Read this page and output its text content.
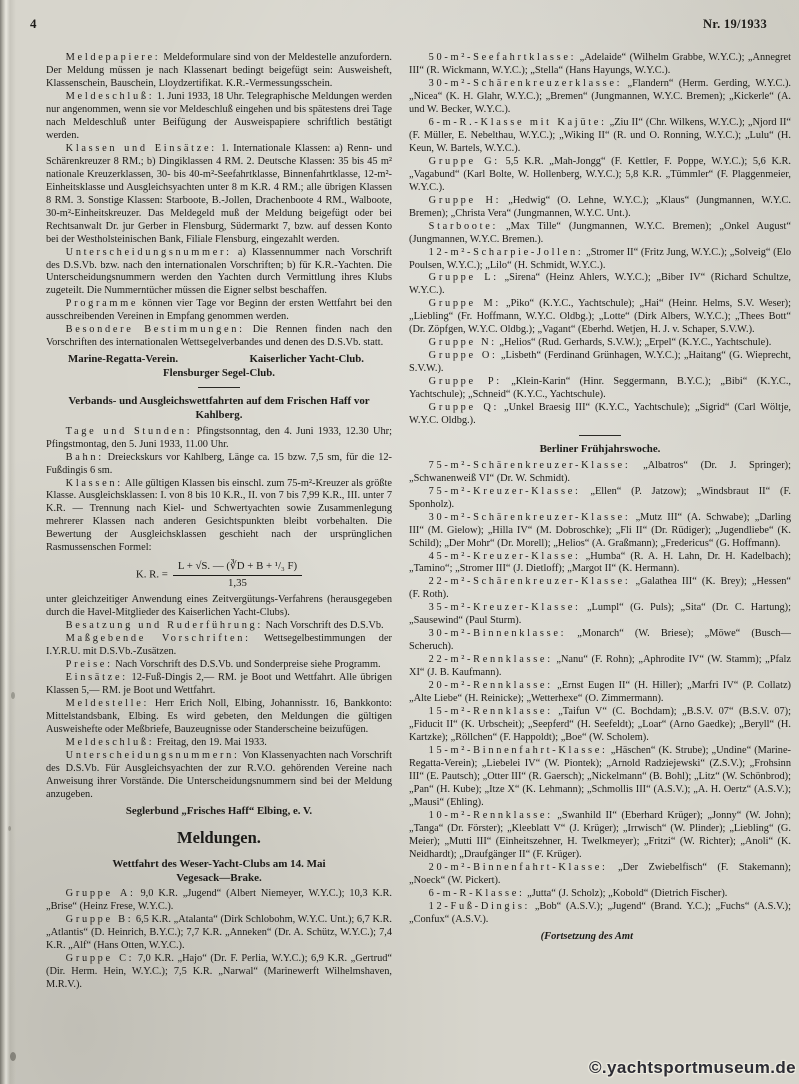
4	Nr. 19/1933

Meldepapiere: Meldeformulare sind von der Meldestelle anzufordern. Der Meldung müssen je nach Klassenart bedingt beigefügt sein: Ausweisheft, Klassenschein, Bauschein, Lloydzertifikat. K.R.-Vermessungsschein.

Meldeschluß: 1. Juni 1933, 18 Uhr. Telegraphische Meldungen werden nur angenommen, wenn sie vor Meldeschluß eingehen und bis spätestens drei Tage nach Meldeschluß unter Beifügung der Ausweispapiere schriftlich bestätigt werden.

Klassen und Einsätze: 1. Internationale Klassen: a) Renn- und Schärenkreuzer 8 RM.; b) Dingiklassen 4 RM. 2. Deutsche Klassen: 35 bis 45 m² nationale Kreuzerklassen, 30- bis 40-m²-Seefahrtklasse, Binnenfahrtklasse, 12-m²-Einheitsklasse und Ausgleichsyachten unter 8 m K.R. 4 RM.; alle übrigen Klassen 8 RM. 3. Sonstige Klassen: Starboote, B.-Jollen, Drachenboote 4 RM., Walboote, 30-m²-Einheitskreuzer. Das Meldegeld muß der Meldung beigefügt oder bei Rechtsanwalt Dr. jur Gerber in Flensburg, Südermarkt 7, bzw. auf dessen Konto bei der Westholsteinischen Bank, Filiale Flensburg, eingezahlt werden.

Unterscheidungsnummer: a) Klassennummer nach Vorschrift des D.S.Vb. bzw. nach den internationalen Vorschriften; b) für K.R.-Yachten. Die Unterscheidungsnummern werden den Yachten durch Vermittlung ihres Klubs zugeteilt. Die Nummerntücher müssen die Eigner selbst beschaffen.

Programme können vier Tage vor Beginn der ersten Wettfahrt bei den ausschreibenden Vereinen in Empfang genommen werden.

Besondere Bestimmungen: Die Rennen finden nach den Vorschriften des internationalen Wettsegelverbandes und denen des D.S.Vb. statt.

Marine-Regatta-Verein.	Kaiserlicher Yacht-Club.
Flensburger Segel-Club.
Verbands- und Ausgleichswettfahrten auf dem Frischen Haff vor Kahlberg.

Tage und Stunden: Pfingstsonntag, den 4. Juni 1933, 12.30 Uhr; Pfingstmontag, den 5. Juni 1933, 11.00 Uhr.

Bahn: Dreieckskurs vor Kahlberg, Länge ca. 15 bzw. 7,5 sm, für die 12-Fußdingis 6 sm.

Klassen: Alle gültigen Klassen bis einschl. zum 75-m²-Kreuzer als größte Klasse. Ausgleichsklassen: I. von 8 bis 10 K.R., II. von 7 bis 7,99 K.R., III. unter 7 K.R. — Trennung nach Kiel- und Schwertyachten sowie Zusammenlegung mehrerer Klassen nach anderen Gesichtspunkten bleibt vorbehalten. Die Bewertung der Ausgleichsklassen geschieht nach der ursprünglichen Rasmussenschen Formel:

K. R. = $\frac{\text{L + √S. — (∛D + B + ¹/₃ F)}}{1,35}$

unter gleichzeitiger Anwendung eines Zeitvergütungs-Verfahrens (herausgegeben durch die Havel-Mitglieder des Kaiserlichen Yacht-Clubs).

Besatzung und Ruderführung: Nach Vorschrift des D.S.Vb.

Maßgebende Vorschriften: Wettsegelbestimmungen der I.Y.R.U. mit D.S.Vb.-Zusätzen.

Preise: Nach Vorschrift des D.S.Vb. und Sonderpreise siehe Programm.

Einsätze: 12-Fuß-Dingis 2,— RM. je Boot und Wettfahrt. Alle übrigen Klassen 5,— RM. je Boot und Wettfahrt.

Meldestelle: Herr Erich Noll, Elbing, Johannisstr. 16, Bankkonto: Mittelstandsbank, Elbing. Es wird gebeten, den Meldungen die gültigen Ausweishefte oder Meßbriefe, Bauzeugnisse oder Standerscheine beizufügen.

Meldeschluß: Freitag, den 19. Mai 1933.

Unterscheidungsnummern: Von Klassenyachten nach Vorschrift des D.S.Vb. Für Ausgleichsyachten der zur R.V.O. gehörenden Vereine nach Anweisung ihrer Vorstände. Die Unterscheidungsnummern sind bei der Meldung anzugeben.

Seglerbund „Frisches Haff“ Elbing, e. V.
Meldungen.
Wettfahrt des Weser-Yacht-Clubs am 14. Mai
Vegesack—Brake.

Gruppe A: 9,0 K.R. „Jugend“ (Albert Niemeyer, W.Y.C.); 10,3 K.R. „Brise“ (Heinz Frese, W.Y.C.).

Gruppe B: 6,5 K.R. „Atalanta“ (Dirk Schlobohm, W.Y.C. Unt.); 6,7 K.R. „Atlantis“ (D. Heinrich, B.Y.C.); 7,7 K.R. „Anneken“ (Dr. A. Schütz, W.Y.C.); 7,4 K.R. „Alf“ (Hans Otten, W.Y.C.).

Gruppe C: 7,0 K.R. „Hajo“ (Dr. F. Perlia, W.Y.C.); 6,9 K.R. „Gertrud“ (Dir. Herm. Hein, W.Y.C.); 7,5 K.R. „Narwal“ (Marinewerft Wilhelmshaven, M.R.V.).

50-m²-Seefahrtklasse: „Adelaide“ (Wilhelm Grabbe, W.Y.C.); „Annegret III“ (R. Wickmann, W.Y.C.); „Stella“ (Hans Hayungs, W.Y.C.).

30-m²-Schärenkreuzerklasse: „Flandern“ (Herm. Gerding, W.Y.C.). „Nicea“ (K. H. Glahr, W.Y.C.); „Bremen“ (Jungmannen, W.Y.C. Bremen); „Kickerle“ (A. und W. Becker, W.Y.C.).

6-m-R.-Klasse mit Kajüte: „Ziu II“ (Chr. Wilkens, W.Y.C.); „Njord II“ (F. Müller, E. Nebelthau, W.Y.C.); „Wiking II“ (R. und O. Ronning, W.Y.C.); „Lulu“ (H. Keun, W. Bartels, W.Y.C.).

Gruppe G: 5,5 K.R. „Mah-Jongg“ (F. Kettler, F. Poppe, W.Y.C.); 5,6 K.R. „Vagabund“ (Karl Bolte, W. Hollenberg, W.Y.C.); 5,8 K.R. „Tümmler“ (F. Plaggenmeier, W.Y.C.).

Gruppe H: „Hedwig“ (O. Lehne, W.Y.C.); „Klaus“ (Jungmannen, W.Y.C. Bremen); „Christa Vera“ (Jungmannen, W.Y.C. Unt.).

Starboote: „Max Tille“ (Jungmannen, W.Y.C. Bremen); „Onkel August“ (Jungmannen, W.Y.C. Bremen.).

12-m²-Scharpie-Jollen: „Stromer II“ (Fritz Jung, W.Y.C.); „Solveig“ (Elo Poulsen, W.Y.C.); „Lilo“ (H. Schmidt, W.Y.C.).

Gruppe L: „Sirena“ (Heinz Ahlers, W.Y.C.); „Biber IV“ (Richard Schultze, W.Y.C.).

Gruppe M: „Piko“ (K.Y.C., Yachtschule); „Hai“ (Heinr. Helms, S.V. Weser); „Liebling“ (Fr. Hoffmann, W.Y.C. Oldbg.); „Lotte“ (Dirk Albers, W.Y.C.); „Thees Bott“ (Dr. Zöpfgen, W.Y.C. Oldbg.); „Vagant“ (Eberhd. Wetjen, H. J. v. Schaper, S.V.W.).

Gruppe N: „Helios“ (Rud. Gerhards, S.V.W.); „Erpel“ (K.Y.C., Yachtschule).

Gruppe O: „Lisbeth“ (Ferdinand Grünhagen, W.Y.C.); „Haitang“ (G. Wieprecht, S.V.W.).

Gruppe P: „Klein-Karin“ (Hinr. Seggermann, B.Y.C.); „Bibi“ (K.Y.C., Yachtschule); „Schneid“ (K.Y.C., Yachtschule).

Gruppe Q: „Unkel Braesig III“ (K.Y.C., Yachtschule); „Sigrid“ (Carl Wöltje, W.Y.C. Oldbg.).

Berliner Frühjahrswoche.

75-m²-Schärenkreuzer-Klasse: „Albatros“ (Dr. J. Springer); „Schwanenweiß VI“ (Dr. W. Schmidt).

75-m²-Kreuzer-Klasse: „Ellen“ (P. Jatzow); „Windsbraut II“ (F. Sponholz).

30-m²-Schärenkreuzer-Klasse: „Mutz III“ (A. Schwabe); „Darling III“ (M. Gielow); „Hilla IV“ (M. Dobroschke); „Fli II“ (Dr. Rüdiger); „Jugendliebe“ (K. Schild); „Der Mohr“ (Dr. Morell); „Helios“ (A. Graßmann); „Fredericus“ (G. Hoffmann).

45-m²-Kreuzer-Klasse: „Humba“ (R. A. H. Lahn, Dr. H. Kadelbach); „Tamino“; „Stromer III“ (J. Dietloff); „Margot II“ (K. Hermann).

22-m²-Schärenkreuzer-Klasse: „Galathea III“ (K. Brey); „Hessen“ (F. Roth).

35-m²-Kreuzer-Klasse: „Lumpl“ (G. Puls); „Sita“ (Dr. C. Hartung); „Sausewind“ (Paul Sturm).

30-m²-Binnenklasse: „Monarch“ (W. Briese); „Möwe“ (Busch—Scheruch).

22-m²-Rennklasse: „Nanu“ (F. Rohn); „Aphrodite IV“ (W. Stamm); „Pfalz XI“ (J. B. Kaufmann).

20-m²-Rennklasse: „Ernst Eugen II“ (H. Hiller); „Marfri IV“ (P. Collatz) „Alte Liebe“ (H. Reinicke); „Wetterhexe“ (O. Zimmermann).

15-m²-Rennklasse: „Taifun V“ (C. Bochdam); „B.S.V. 07“ (B.S.V. 07); „Fiducit II“ (K. Urbscheit); „Seepferd“ (H. Seefeldt); „Loar“ (Arno Gaedke); „Beryll“ (H. Kartzke); „Röllchen“ (F. Happoldt); „Boe“ (W. Scholem).

15-m²-Binnenfahrt-Klasse: „Häschen“ (K. Strube); „Undine“ (Marine-Regatta-Verein); „Liebelei IV“ (W. Piontek); „Arnold Radziejewski“ (Z.S.V.); „Frohsinn III“ (E. Pautsch); „Otter III“ (R. Gaersch); „Nickelmann“ (B. Bohl); „Litz“ (W. Schönbrod); „Pan“ (H. Kube); „Itze X“ (K. Lehmann); „Schmollis III“ (A.S.V.); „A. H. Oertz“ (A.S.V.); „Mausi“ (Ehling).

10-m²-Rennklasse: „Swanhild II“ (Eberhard Krüger); „Jonny“ (W. John); „Tanga“ (Dr. Förster); „Kleeblatt V“ (J. Krüger); „Irrwisch“ (W. Plinder); „Liebling“ (G. Meier); „Mutti III“ (Einheitszehner, H. Twelkmeyer); „Fritzi“ (W. Richter); „Anoli“ (K. Neidhardt); „Draufgänger II“ (F. Krüger).

20-m²-Binnenfahrt-Klasse: „Der Zwiebelfisch“ (F. Stakemann); „Noeck“ (W. Pickert).

6-m-R-Klasse: „Jutta“ (J. Scholz); „Kobold“ (Dietrich Fischer).

12-Fuß-Dingis: „Bob“ (A.S.V.); „Jugend“ (Brand. Y.C.); „Fuchs“ (A.S.V.); „Confux“ (A.S.V.).

(Fortsetzung des Amt

©.yachtsportmuseum.de
